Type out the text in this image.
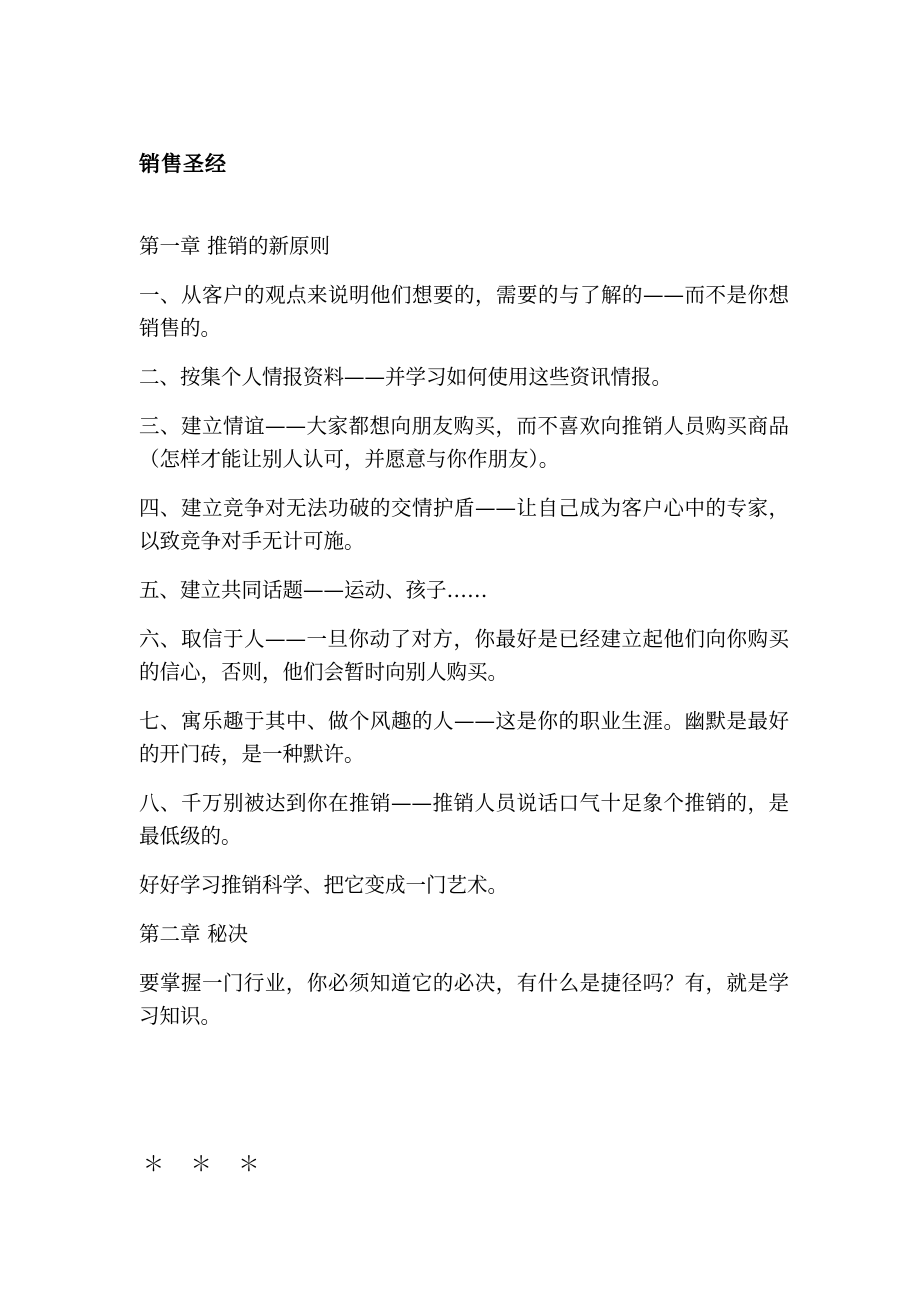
销售圣经

第一章 推销的新原则

一、从客户的观点来说明他们想要的，需要的与了解的——而不是你想销售的。

二、按集个人情报资料——并学习如何使用这些资讯情报。

三、建立情谊——大家都想向朋友购买，而不喜欢向推销人员购买商品（怎样才能让别人认可，并愿意与你作朋友）。

四、建立竞争对无法功破的交情护盾——让自己成为客户心中的专家，以致竞争对手无计可施。

五、建立共同话题——运动、孩子……

六、取信于人——一旦你动了对方，你最好是已经建立起他们向你购买的信心，否则，他们会暂时向别人购买。

七、寓乐趣于其中、做个风趣的人——这是你的职业生涯。幽默是最好的开门砖，是一种默许。

八、千万别被达到你在推销——推销人员说话口气十足象个推销的，是最低级的。

好好学习推销科学、把它变成一门艺术。

第二章 秘决

要掌握一门行业，你必须知道它的必决，有什么是捷径吗？有，就是学习知识。

＊ ＊ ＊
